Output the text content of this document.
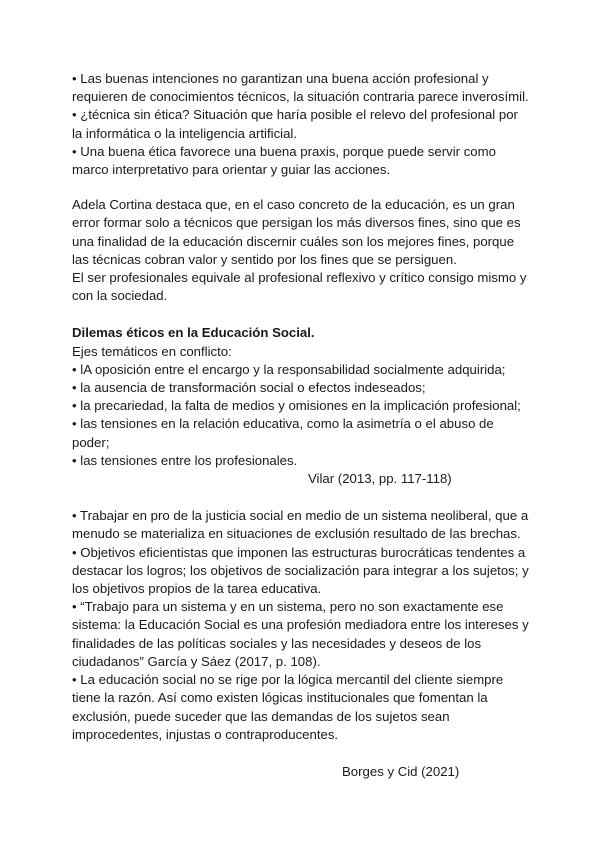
• Las buenas intenciones no garantizan una buena acción profesional y
requieren de conocimientos técnicos, la situación contraria parece inverosímil.
• ¿técnica sin ética? Situación que haría posible el relevo del profesional por
la informática o la inteligencia artificial.
• Una buena ética favorece una buena praxis, porque puede servir como
marco interpretativo para orientar y guiar las acciones.
Adela Cortina destaca que, en el caso concreto de la educación, es un gran
error formar solo a técnicos que persigan los más diversos fines, sino que es
una finalidad de la educación discernir cuáles son los mejores fines, porque
las técnicas cobran valor y sentido por los fines que se persiguen.
El ser profesionales equivale al profesional reflexivo y crítico consigo mismo y
con la sociedad.
Dilemas éticos en la Educación Social.
Ejes temáticos en conflicto:
• lA oposición entre el encargo y la responsabilidad socialmente adquirida;
• la ausencia de transformación social o efectos indeseados;
• la precariedad, la falta de medios y omisiones en la implicación profesional;
• las tensiones en la relación educativa, como la asimetría o el abuso de
poder;
• las tensiones entre los profesionales.
Vilar (2013, pp. 117-118)
• Trabajar en pro de la justicia social en medio de un sistema neoliberal, que a
menudo se materializa en situaciones de exclusión resultado de las brechas.
• Objetivos eficientistas que imponen las estructuras burocráticas tendentes a
destacar los logros; los objetivos de socialización para integrar a los sujetos; y
los objetivos propios de la tarea educativa.
• “Trabajo para un sistema y en un sistema, pero no son exactamente ese
sistema: la Educación Social es una profesión mediadora entre los intereses y
finalidades de las políticas sociales y las necesidades y deseos de los
ciudadanos” García y Sáez (2017, p. 108).
• La educación social no se rige por la lógica mercantil del cliente siempre
tiene la razón. Así como existen lógicas institucionales que fomentan la
exclusión, puede suceder que las demandas de los sujetos sean
improcedentes, injustas o contraproducentes.
Borges y Cid (2021)
